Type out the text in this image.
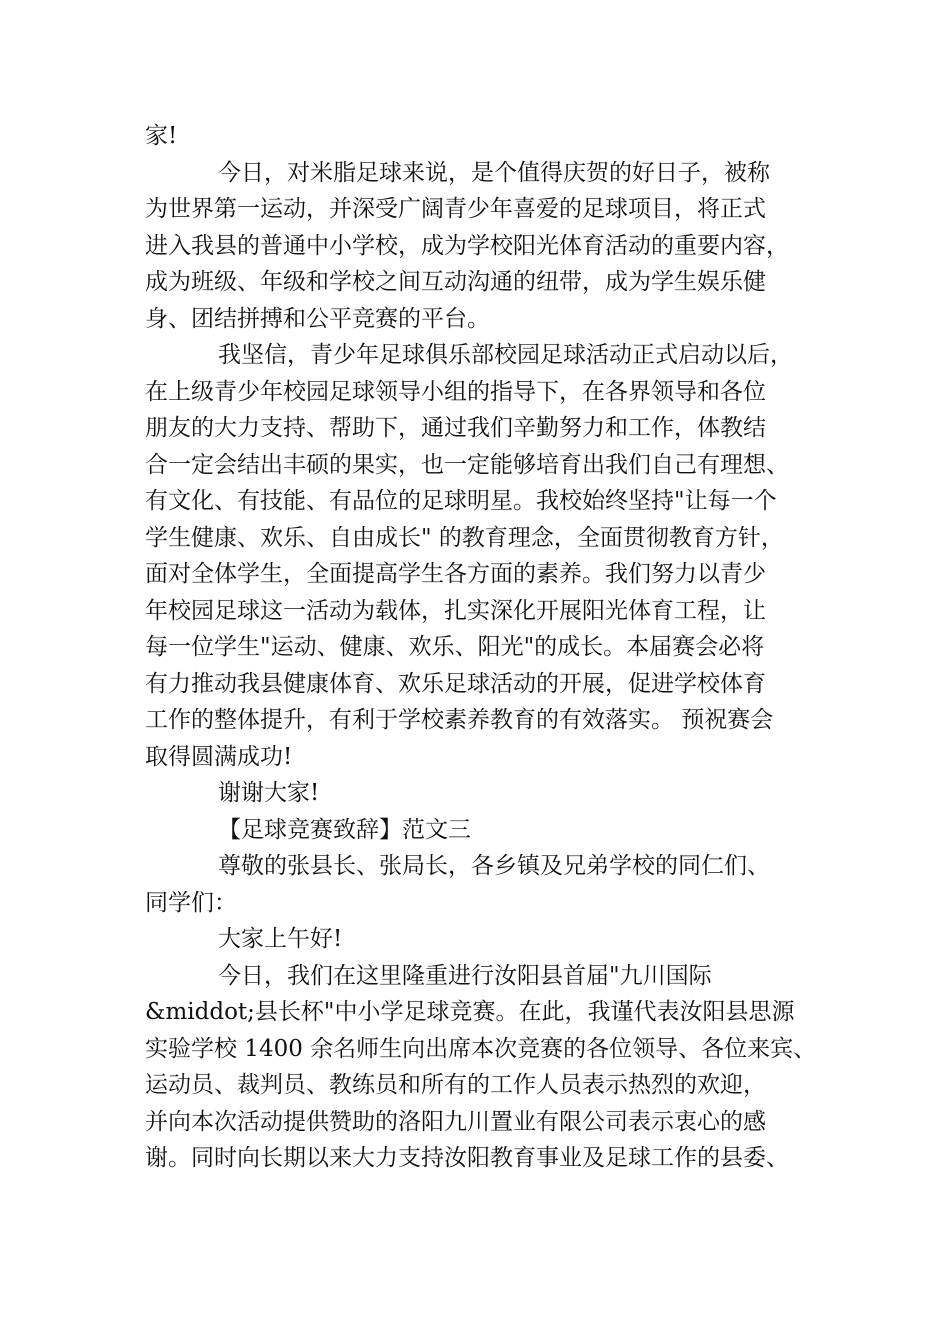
家!
今日，对米脂足球来说，是个值得庆贺的好日子，被称
为世界第一运动，并深受广阔青少年喜爱的足球项目，将正式
进入我县的普通中小学校，成为学校阳光体育活动的重要内容，
成为班级、年级和学校之间互动沟通的纽带，成为学生娱乐健
身、团结拼搏和公平竞赛的平台。
我坚信，青少年足球俱乐部校园足球活动正式启动以后，
在上级青少年校园足球领导小组的指导下，在各界领导和各位
朋友的大力支持、帮助下，通过我们辛勤努力和工作，体教结
合一定会结出丰硕的果实，也一定能够培育出我们自己有理想、
有文化、有技能、有品位的足球明星。我校始终坚持"让每一个
学生健康、欢乐、自由成长" 的教育理念，全面贯彻教育方针，
面对全体学生，全面提高学生各方面的素养。我们努力以青少
年校园足球这一活动为载体，扎实深化开展阳光体育工程，让
每一位学生"运动、健康、欢乐、阳光"的成长。本届赛会必将
有力推动我县健康体育、欢乐足球活动的开展，促进学校体育
工作的整体提升，有利于学校素养教育的有效落实。 预祝赛会
取得圆满成功!
谢谢大家!
【足球竞赛致辞】范文三
尊敬的张县长、张局长，各乡镇及兄弟学校的同仁们、
同学们：
大家上午好!
今日，我们在这里隆重进行汝阳县首届"九川国际
&middot;县长杯"中小学足球竞赛。在此，我谨代表汝阳县思源
实验学校 1400 余名师生向出席本次竞赛的各位领导、各位来宾、
运动员、裁判员、教练员和所有的工作人员表示热烈的欢迎，
并向本次活动提供赞助的洛阳九川置业有限公司表示衷心的感
谢。同时向长期以来大力支持汝阳教育事业及足球工作的县委、
